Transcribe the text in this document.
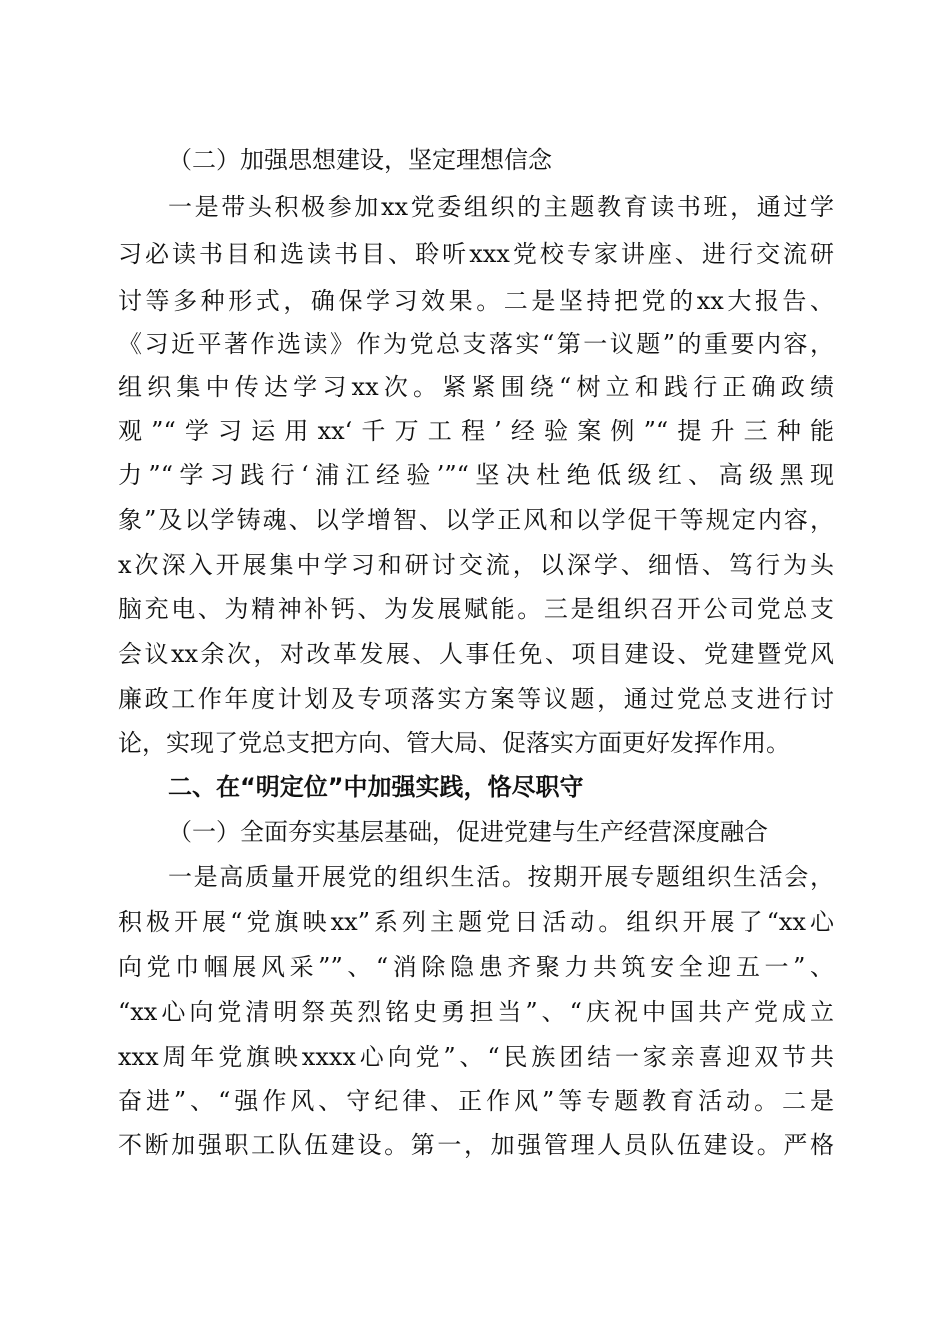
（二）加强思想建设，坚定理想信念
一是带头积极参加xx党委组织的主题教育读书班，通过学
习必读书目和选读书目、聆听xxx党校专家讲座、进行交流研
讨等多种形式，确保学习效果。二是坚持把党的xx大报告、
《习近平著作选读》作为党总支落实“第一议题”的重要内容，
组织集中传达学习xx次。紧紧围绕“树立和践行正确政绩
观”“学习运用xx‘千万工程’经验案例”“提升三种能
力”“学习践行‘浦江经验’”“坚决杜绝低级红、高级黑现
象”及以学铸魂、以学增智、以学正风和以学促干等规定内容，
x次深入开展集中学习和研讨交流，以深学、细悟、笃行为头
脑充电、为精神补钙、为发展赋能。三是组织召开公司党总支
会议xx余次，对改革发展、人事任免、项目建设、党建暨党风
廉政工作年度计划及专项落实方案等议题，通过党总支进行讨
论，实现了党总支把方向、管大局、促落实方面更好发挥作用。
二、在“明定位”中加强实践，恪尽职守
（一）全面夯实基层基础，促进党建与生产经营深度融合
一是高质量开展党的组织生活。按期开展专题组织生活会，
积极开展“党旗映xx”系列主题党日活动。组织开展了“xx心
向党巾帼展风采””、“消除隐患齐聚力共筑安全迎五一”、
“xx心向党清明祭英烈铭史勇担当”、“庆祝中国共产党成立
xxx周年党旗映xxxx心向党”、“民族团结一家亲喜迎双节共
奋进”、“强作风、守纪律、正作风”等专题教育活动。二是
不断加强职工队伍建设。第一，加强管理人员队伍建设。严格
